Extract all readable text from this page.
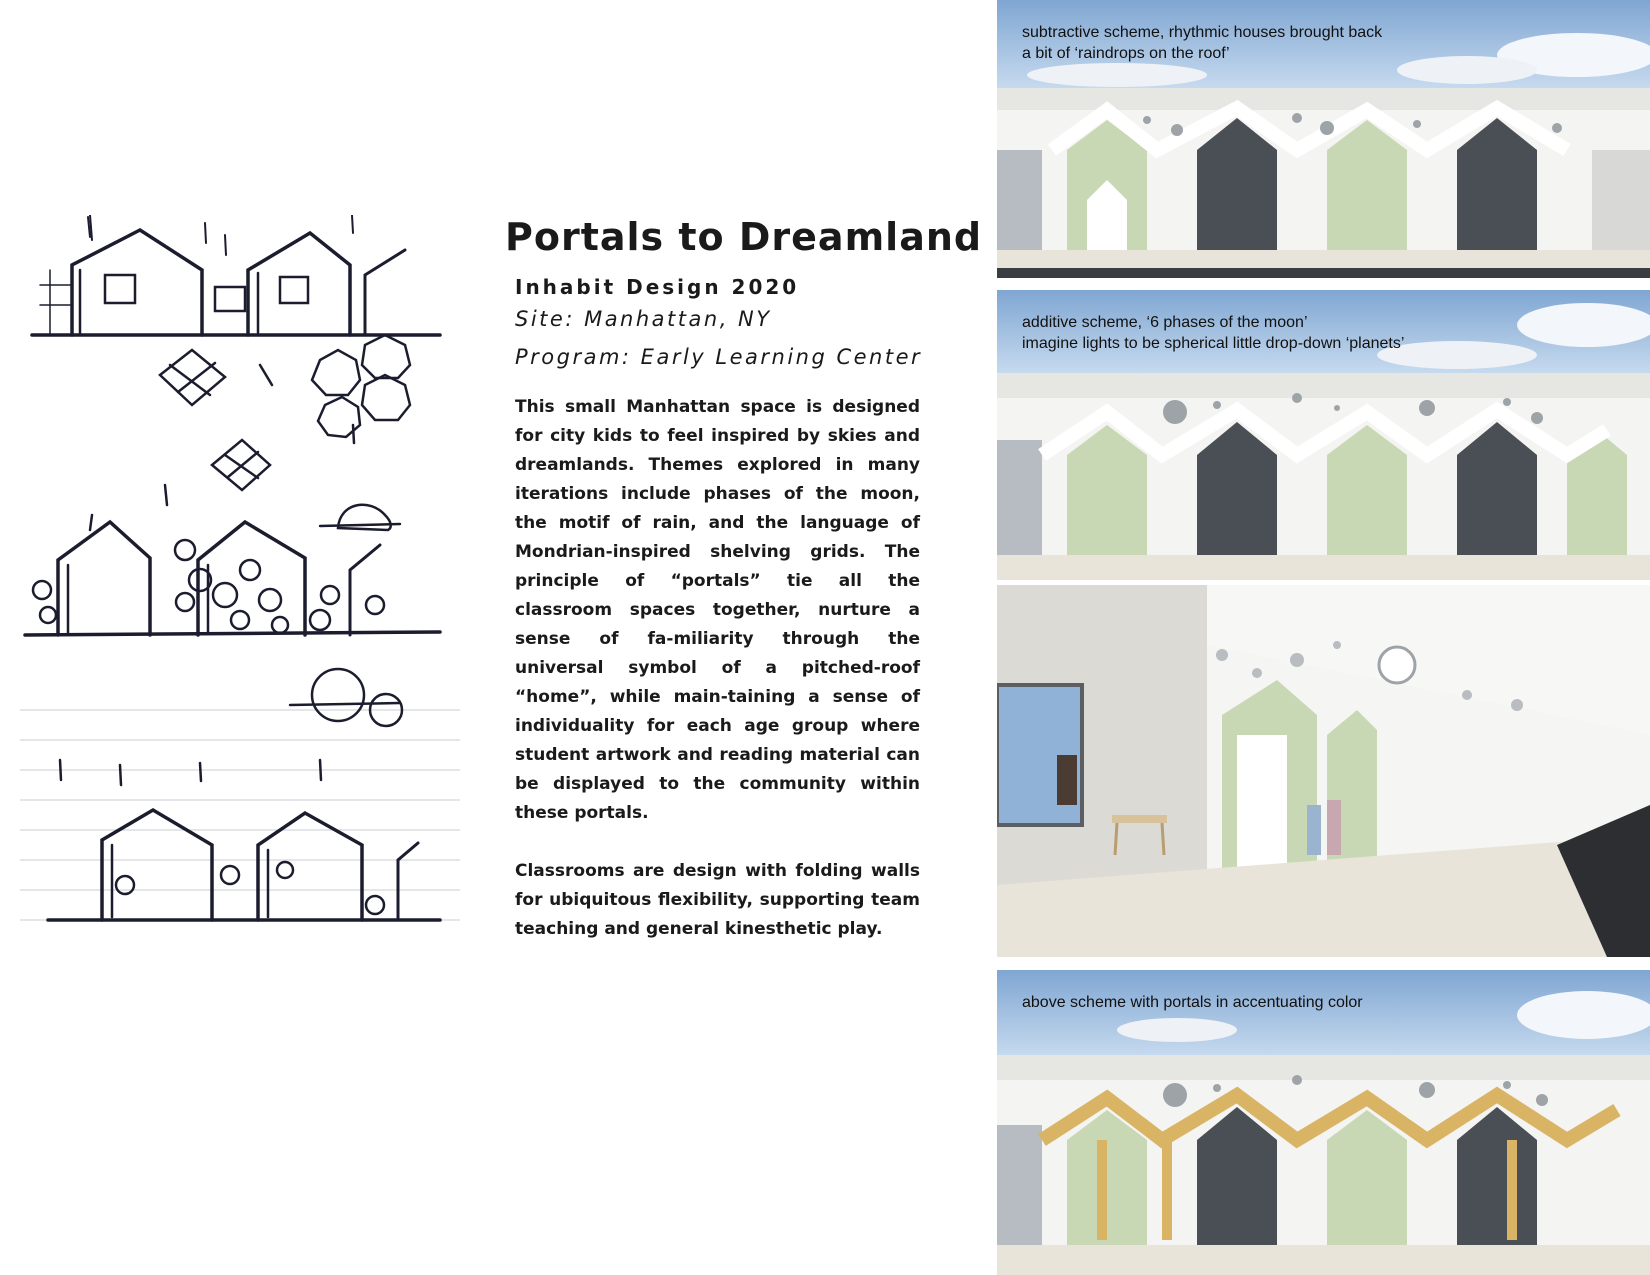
Portals to Dreamland
Inhabit Design 2020
Site: Manhattan, NY
Program: Early Learning Center

This small Manhattan space is designed for city kids to feel inspired by skies and dreamlands. Themes explored in many iterations include phases of the moon, the motif of rain, and the language of Mondrian-inspired shelving grids. The principle of “portals” tie all the classroom spaces together, nurture a sense of fa-miliarity through the universal symbol of a pitched-roof “home”, while main-taining a sense of individuality for each age group where student artwork and reading material can be displayed to the community within these portals.

Classrooms are design with folding walls for ubiquitous flexibility, supporting team teaching and general kinesthetic play.

subtractive scheme, rhythmic houses brought back
a bit of ‘raindrops on the roof’
additive scheme, ‘6 phases of the moon’
imagine lights to be spherical little drop-down ‘planets’
above scheme with portals in accentuating color
